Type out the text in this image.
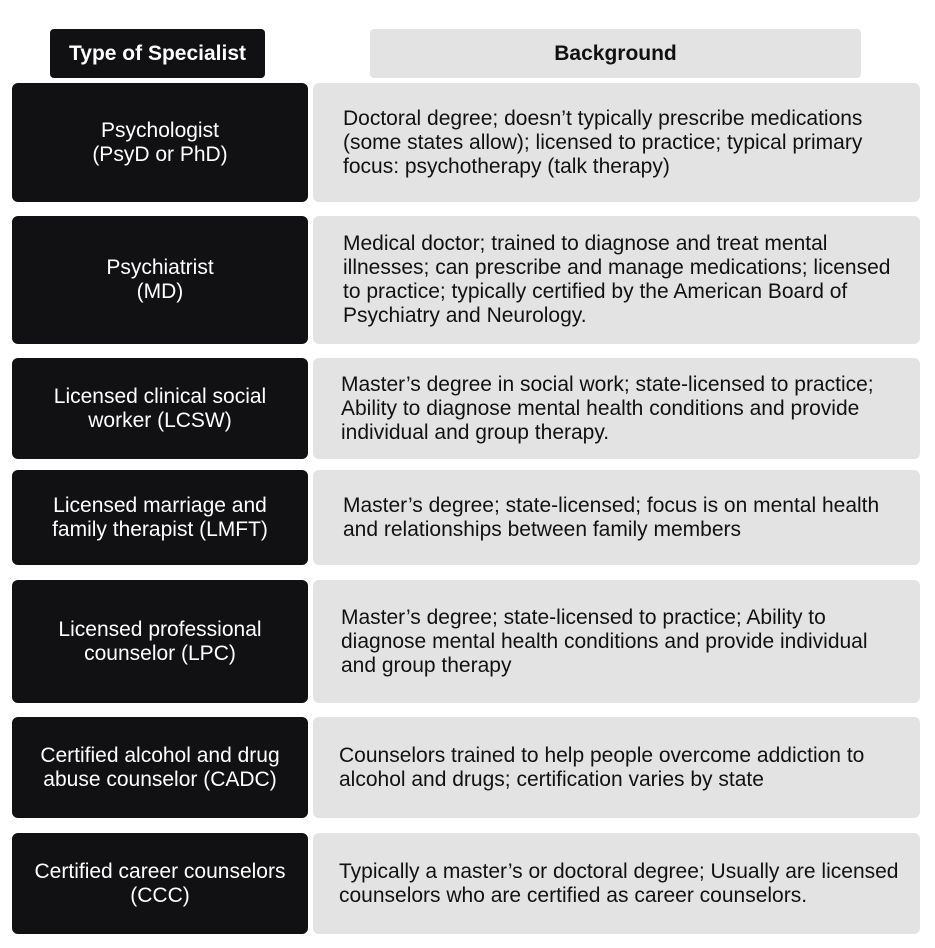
Type of Specialist	Background
Psychologist
(PsyD or PhD)
Doctoral degree; doesn’t typically prescribe medications (some states allow); licensed to practice; typical primary focus: psychotherapy (talk therapy)
Psychiatrist
(MD)
Medical doctor; trained to diagnose and treat mental illnesses; can prescribe and manage medications; licensed to practice; typically certified by the American Board of Psychiatry and Neurology.
Licensed clinical social worker (LCSW)
Master’s degree in social work; state-licensed to practice; Ability to diagnose mental health conditions and provide individual and group therapy.
Licensed marriage and family therapist (LMFT)
Master’s degree; state-licensed; focus is on mental health and relationships between family members
Licensed professional counselor (LPC)
Master’s degree; state-licensed to practice; Ability to diagnose mental health conditions and provide individual and group therapy
Certified alcohol and drug abuse counselor (CADC)
Counselors trained to help people overcome addiction to alcohol and drugs; certification varies by state
Certified career counselors (CCC)
Typically a master’s or doctoral degree; Usually are licensed counselors who are certified as career counselors.
